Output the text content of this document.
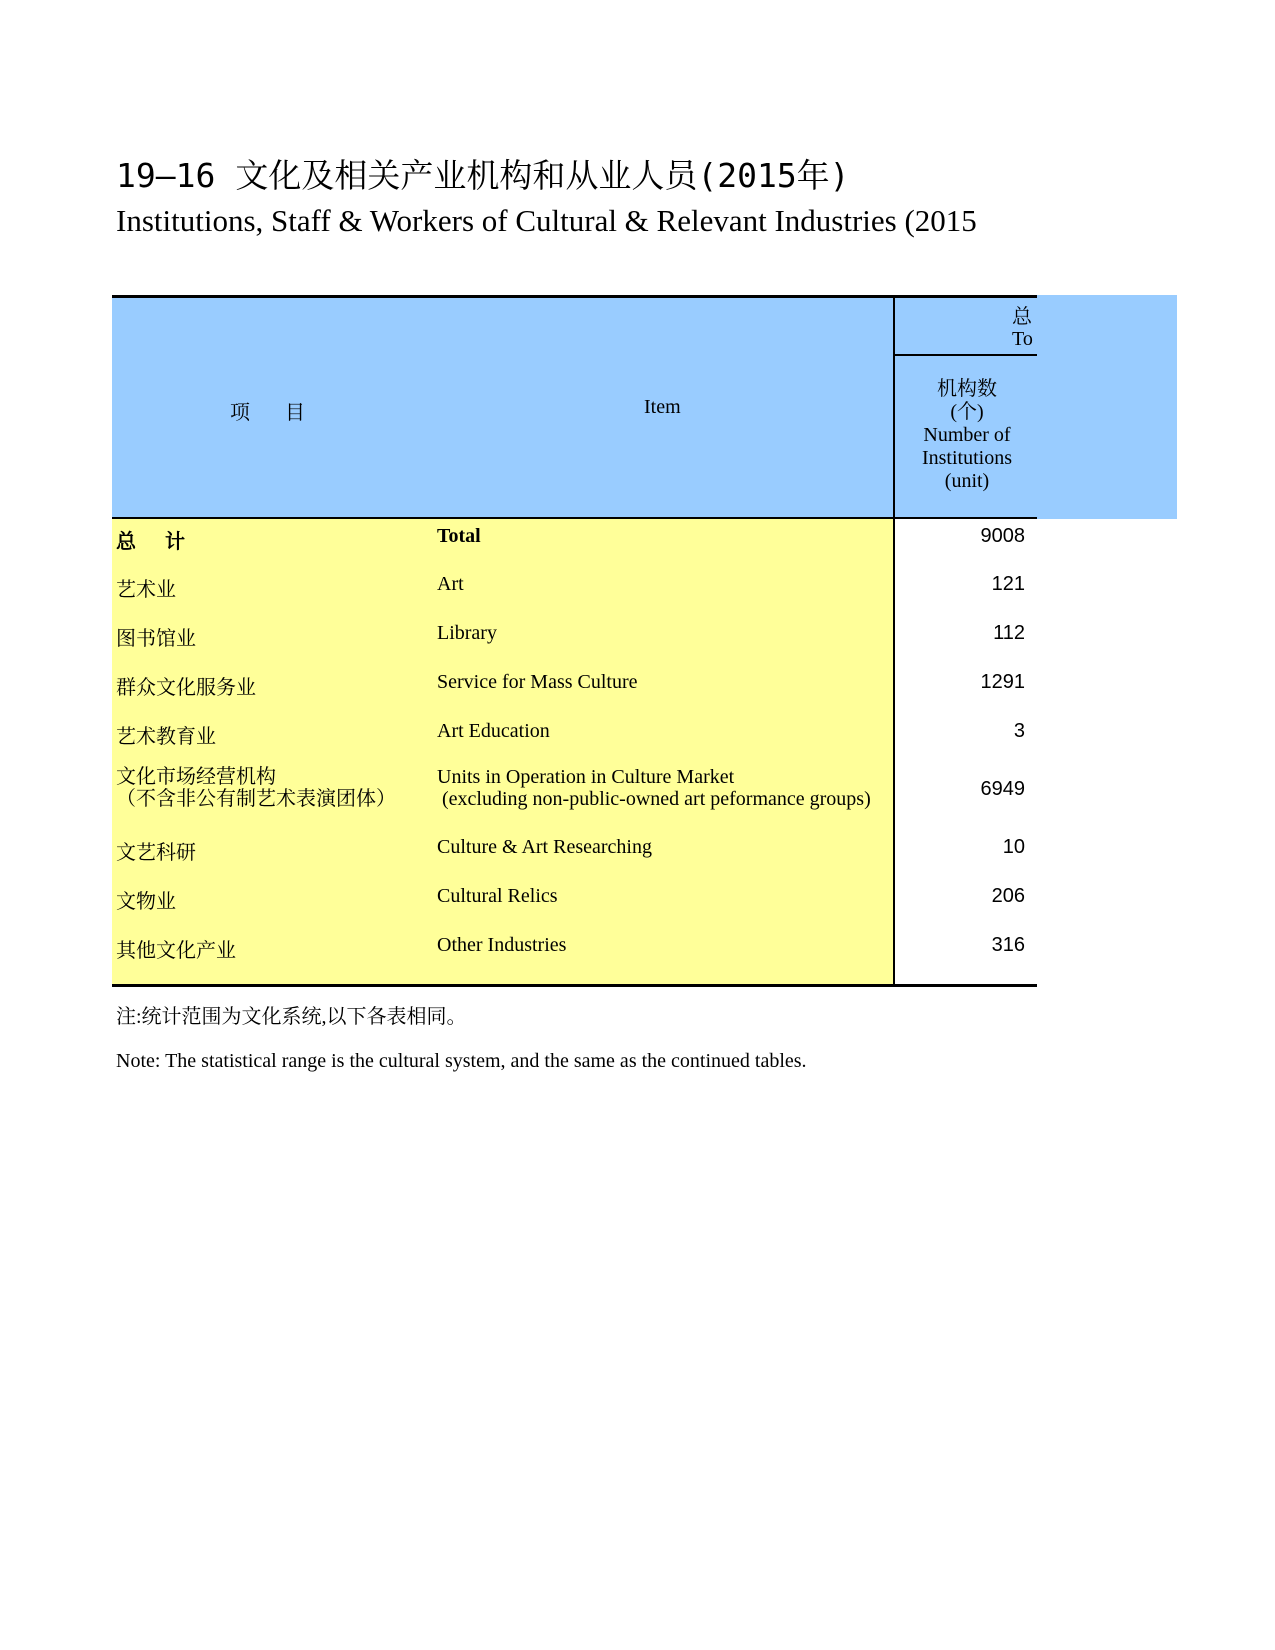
19—16 文化及相关产业机构和从业人员(2015年)
Institutions, Staff & Workers of Cultural & Relevant Industries (2015
项 目	Item
总
To
机构数
(个)
Number of
Institutions
(unit)
总 计	Total	9008
艺术业	Art	121
图书馆业	Library	112
群众文化服务业	Service for Mass Culture	1291
艺术教育业	Art Education	3
文化市场经营机构
（不含非公有制艺术表演团体）
Units in Operation in Culture Market
(excluding non-public-owned art peformance groups)	6949
文艺科研	Culture & Art Researching	10
文物业	Cultural Relics	206
其他文化产业	Other Industries	316
注:统计范围为文化系统,以下各表相同。
Note: The statistical range is the cultural system, and the same as the continued tables.
